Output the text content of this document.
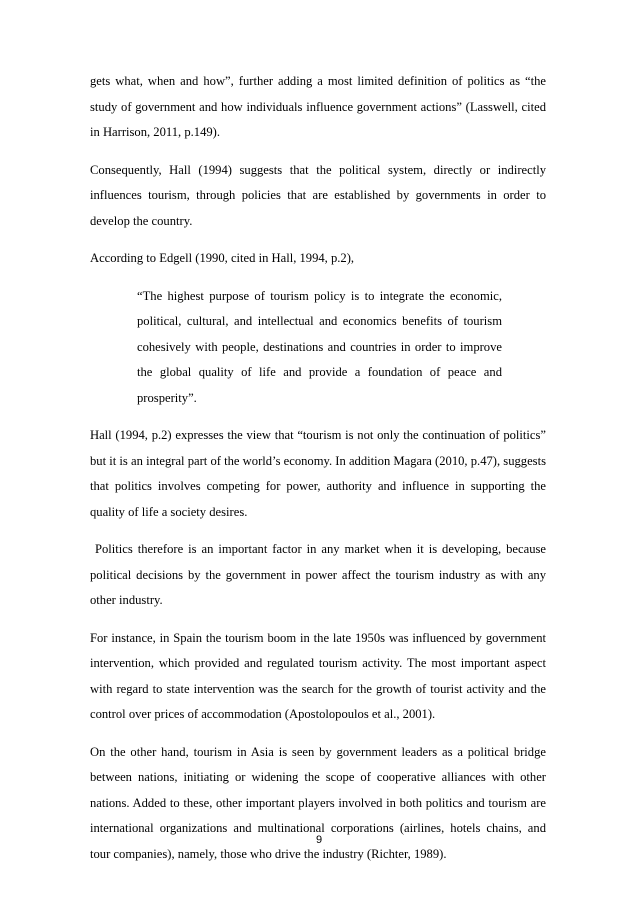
gets what, when and how”, further adding a most limited definition of politics as “the study of government and how individuals influence government actions” (Lasswell, cited in Harrison, 2011, p.149).

Consequently, Hall (1994) suggests that the political system, directly or indirectly influences tourism, through policies that are established by governments in order to develop the country.

According to Edgell (1990, cited in Hall, 1994, p.2),

“The highest purpose of tourism policy is to integrate the economic, political, cultural, and intellectual and economics benefits of tourism cohesively with people, destinations and countries in order to improve the global quality of life and provide a foundation of peace and prosperity”.

Hall (1994, p.2) expresses the view that “tourism is not only the continuation of politics” but it is an integral part of the world’s economy. In addition Magara (2010, p.47), suggests that politics involves competing for power, authority and influence in supporting the quality of life a society desires.

Politics therefore is an important factor in any market when it is developing, because political decisions by the government in power affect the tourism industry as with any other industry.

For instance, in Spain the tourism boom in the late 1950s was influenced by government intervention, which provided and regulated tourism activity. The most important aspect with regard to state intervention was the search for the growth of tourist activity and the control over prices of accommodation (Apostolopoulos et al., 2001).

On the other hand, tourism in Asia is seen by government leaders as a political bridge between nations, initiating or widening the scope of cooperative alliances with other nations. Added to these, other important players involved in both politics and tourism are international organizations and multinational corporations (airlines, hotels chains, and tour companies), namely, those who drive the industry (Richter, 1989).

9
